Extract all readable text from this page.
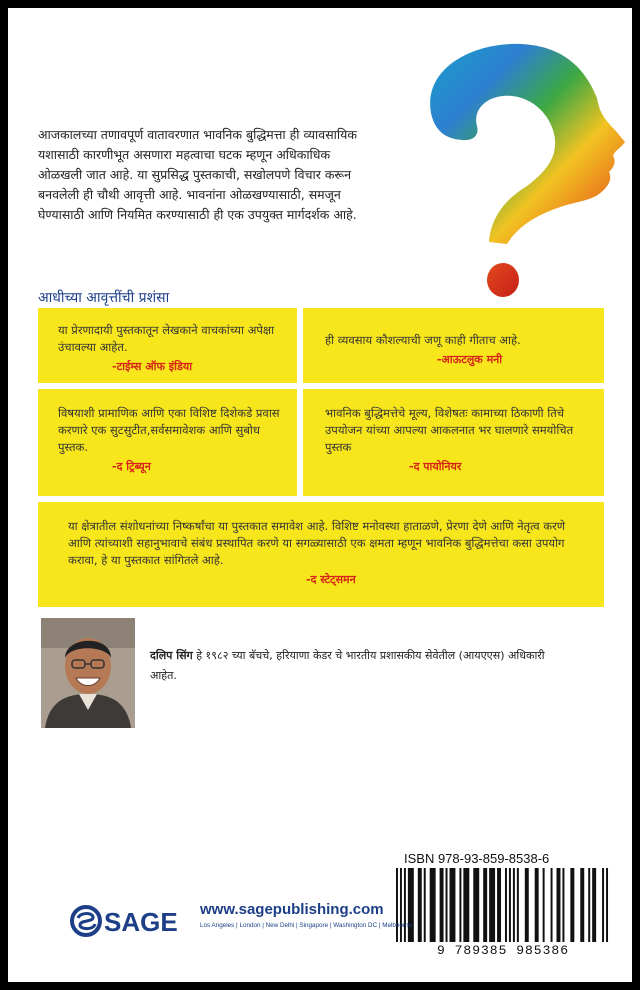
आजकालच्या तणावपूर्ण वातावरणात भावनिक बुद्धिमत्ता ही व्यावसायिक यशासाठी कारणीभूत असणारा महत्वाचा घटक म्हणून अधिकाधिक ओळखली जात आहे. या सुप्रसिद्ध पुस्तकाची, सखोलपणे विचार करून बनवलेली ही चौथी आवृत्ती आहे. भावनांना ओळखण्यासाठी, समजून घेण्यासाठी आणि नियमित करण्यासाठी ही एक उपयुक्त मार्गदर्शक आहे.

आधीच्या आवृत्तींची प्रशंसा
या प्रेरणादायी पुस्तकातून लेखकाने वाचकांच्या अपेक्षा उंचावल्या आहेत.
-टाईम्स ऑफ इंडिया
ही व्यवसाय कौशल्याची जणू काही गीताच आहे.
-आऊटलुक मनी
विषयाशी प्रामाणिक आणि एका विशिष्ट दिशेकडे प्रवास करणारे एक सुटसुटीत,सर्वसमावेशक आणि सुबोध पुस्तक.
-द ट्रिब्यून
भावनिक बुद्धिमत्तेचे मूल्य, विशेषतः कामाच्या ठिकाणी तिचे उपयोजन यांच्या आपल्या आकलनात भर घालणारे समयोचित पुस्तक
-द पायोनियर
या क्षेत्रातील संशोधनांच्या निष्कर्षांचा या पुस्तकात समावेश आहे. विशिष्ट मनोवस्था हाताळणे, प्रेरणा देणे आणि नेतृत्व करणे आणि त्यांच्याशी सहानुभावाचे संबंध प्रस्थापित करणे या सगळ्यासाठी एक क्षमता म्हणून भावनिक बुद्धिमत्तेचा कसा उपयोग करावा, हे या पुस्तकात सांगितले आहे.
-द स्टेट्समन

दलिप सिंग हे १९८२ च्या बॅचचे, हरियाणा केडर चे भारतीय प्रशासकीय सेवेतील (आयएएस) अधिकारी आहेत.

ISBN 978-93-859-8538-6
9 789385 985386
SAGE www.sagepublishing.com
Los Angeles | London | New Delhi | Singapore | Washington DC | Melbourne
